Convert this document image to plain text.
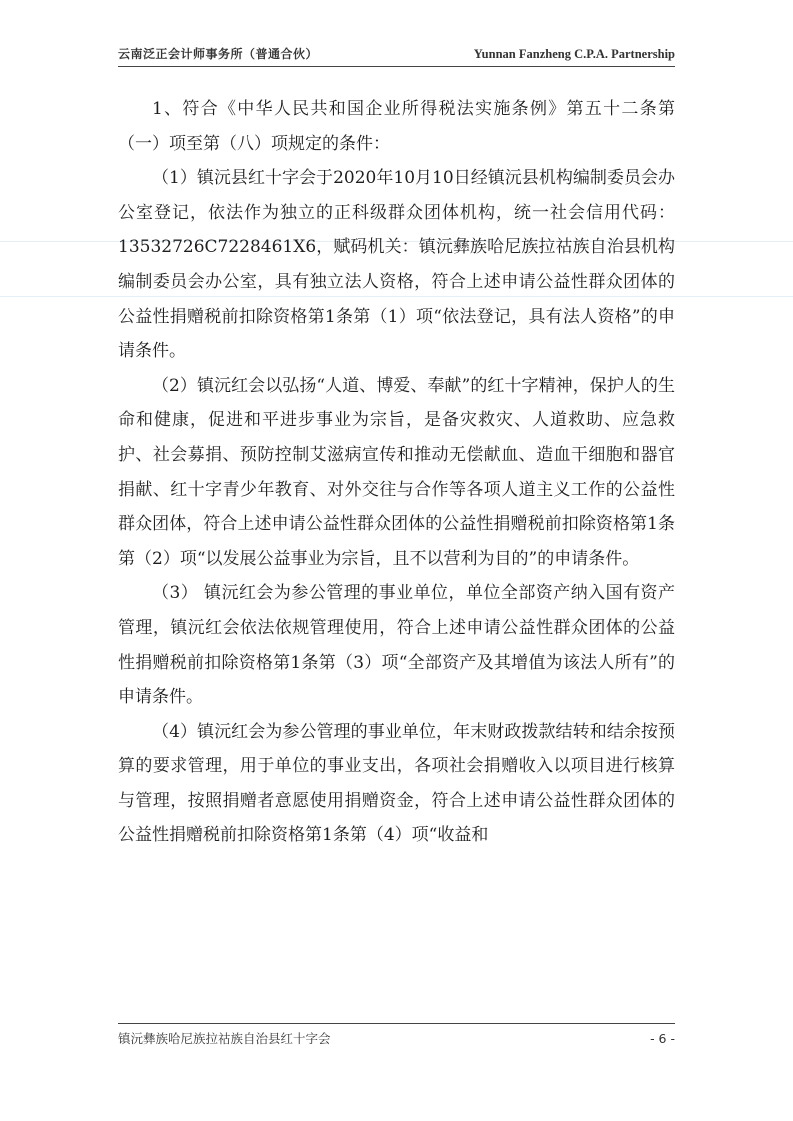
云南泛正会计师事务所（普通合伙）	Yunnan Fanzheng C.P.A. Partnership

1、符合《中华人民共和国企业所得税法实施条例》第五十二条第（一）项至第（八）项规定的条件：

（1）镇沅县红十字会于2020年10月10日经镇沅县机构编制委员会办公室登记，依法作为独立的正科级群众团体机构，统一社会信用代码：13532726C7228461X6，赋码机关：镇沅彝族哈尼族拉祜族自治县机构编制委员会办公室，具有独立法人资格，符合上述申请公益性群众团体的公益性捐赠税前扣除资格第1条第（1）项“依法登记，具有法人资格”的申请条件。

（2）镇沅红会以弘扬“人道、博爱、奉献”的红十字精神，保护人的生命和健康，促进和平进步事业为宗旨，是备灾救灾、人道救助、应急救护、社会募捐、预防控制艾滋病宣传和推动无偿献血、造血干细胞和器官捐献、红十字青少年教育、对外交往与合作等各项人道主义工作的公益性群众团体，符合上述申请公益性群众团体的公益性捐赠税前扣除资格第1条第（2）项“以发展公益事业为宗旨，且不以营利为目的”的申请条件。

（3） 镇沅红会为参公管理的事业单位，单位全部资产纳入国有资产管理，镇沅红会依法依规管理使用，符合上述申请公益性群众团体的公益性捐赠税前扣除资格第1条第（3）项“全部资产及其增值为该法人所有”的申请条件。

（4）镇沅红会为参公管理的事业单位，年末财政拨款结转和结余按预算的要求管理，用于单位的事业支出，各项社会捐赠收入以项目进行核算与管理，按照捐赠者意愿使用捐赠资金，符合上述申请公益性群众团体的公益性捐赠税前扣除资格第1条第（4）项“收益和

镇沅彝族哈尼族拉祜族自治县红十字会	- 6 -
